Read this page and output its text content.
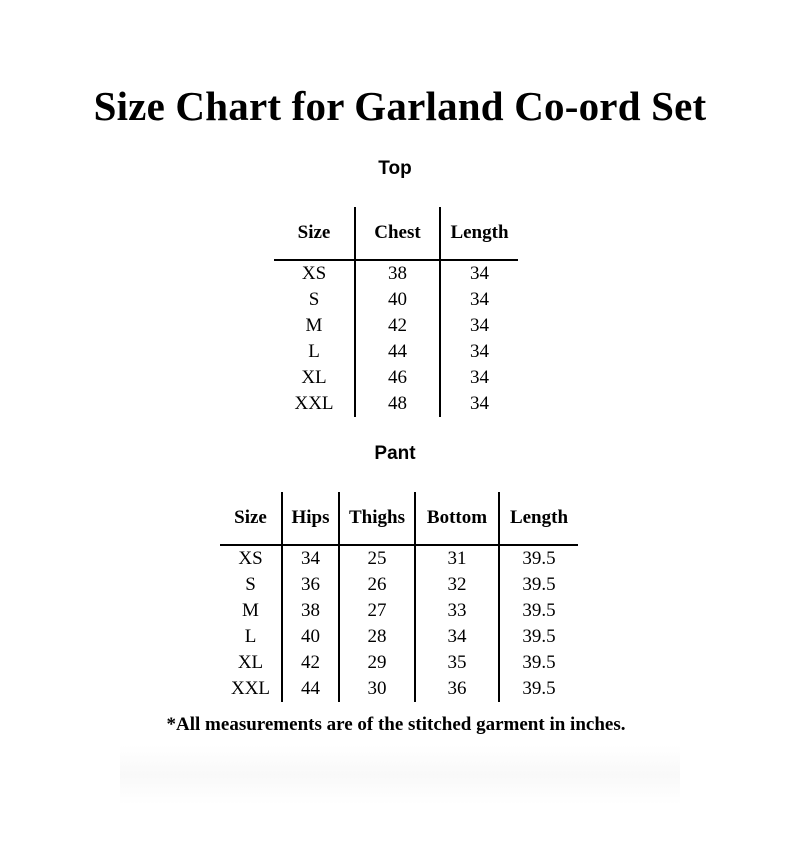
Size Chart for Garland Co-ord Set
Top
Size	Chest	Length
XS	38	34
S	40	34
M	42	34
L	44	34
XL	46	34
XXL	48	34
Pant
Size	Hips	Thighs	Bottom	Length
XS	34	25	31	39.5
S	36	26	32	39.5
M	38	27	33	39.5
L	40	28	34	39.5
XL	42	29	35	39.5
XXL	44	30	36	39.5
*All measurements are of the stitched garment in inches.
